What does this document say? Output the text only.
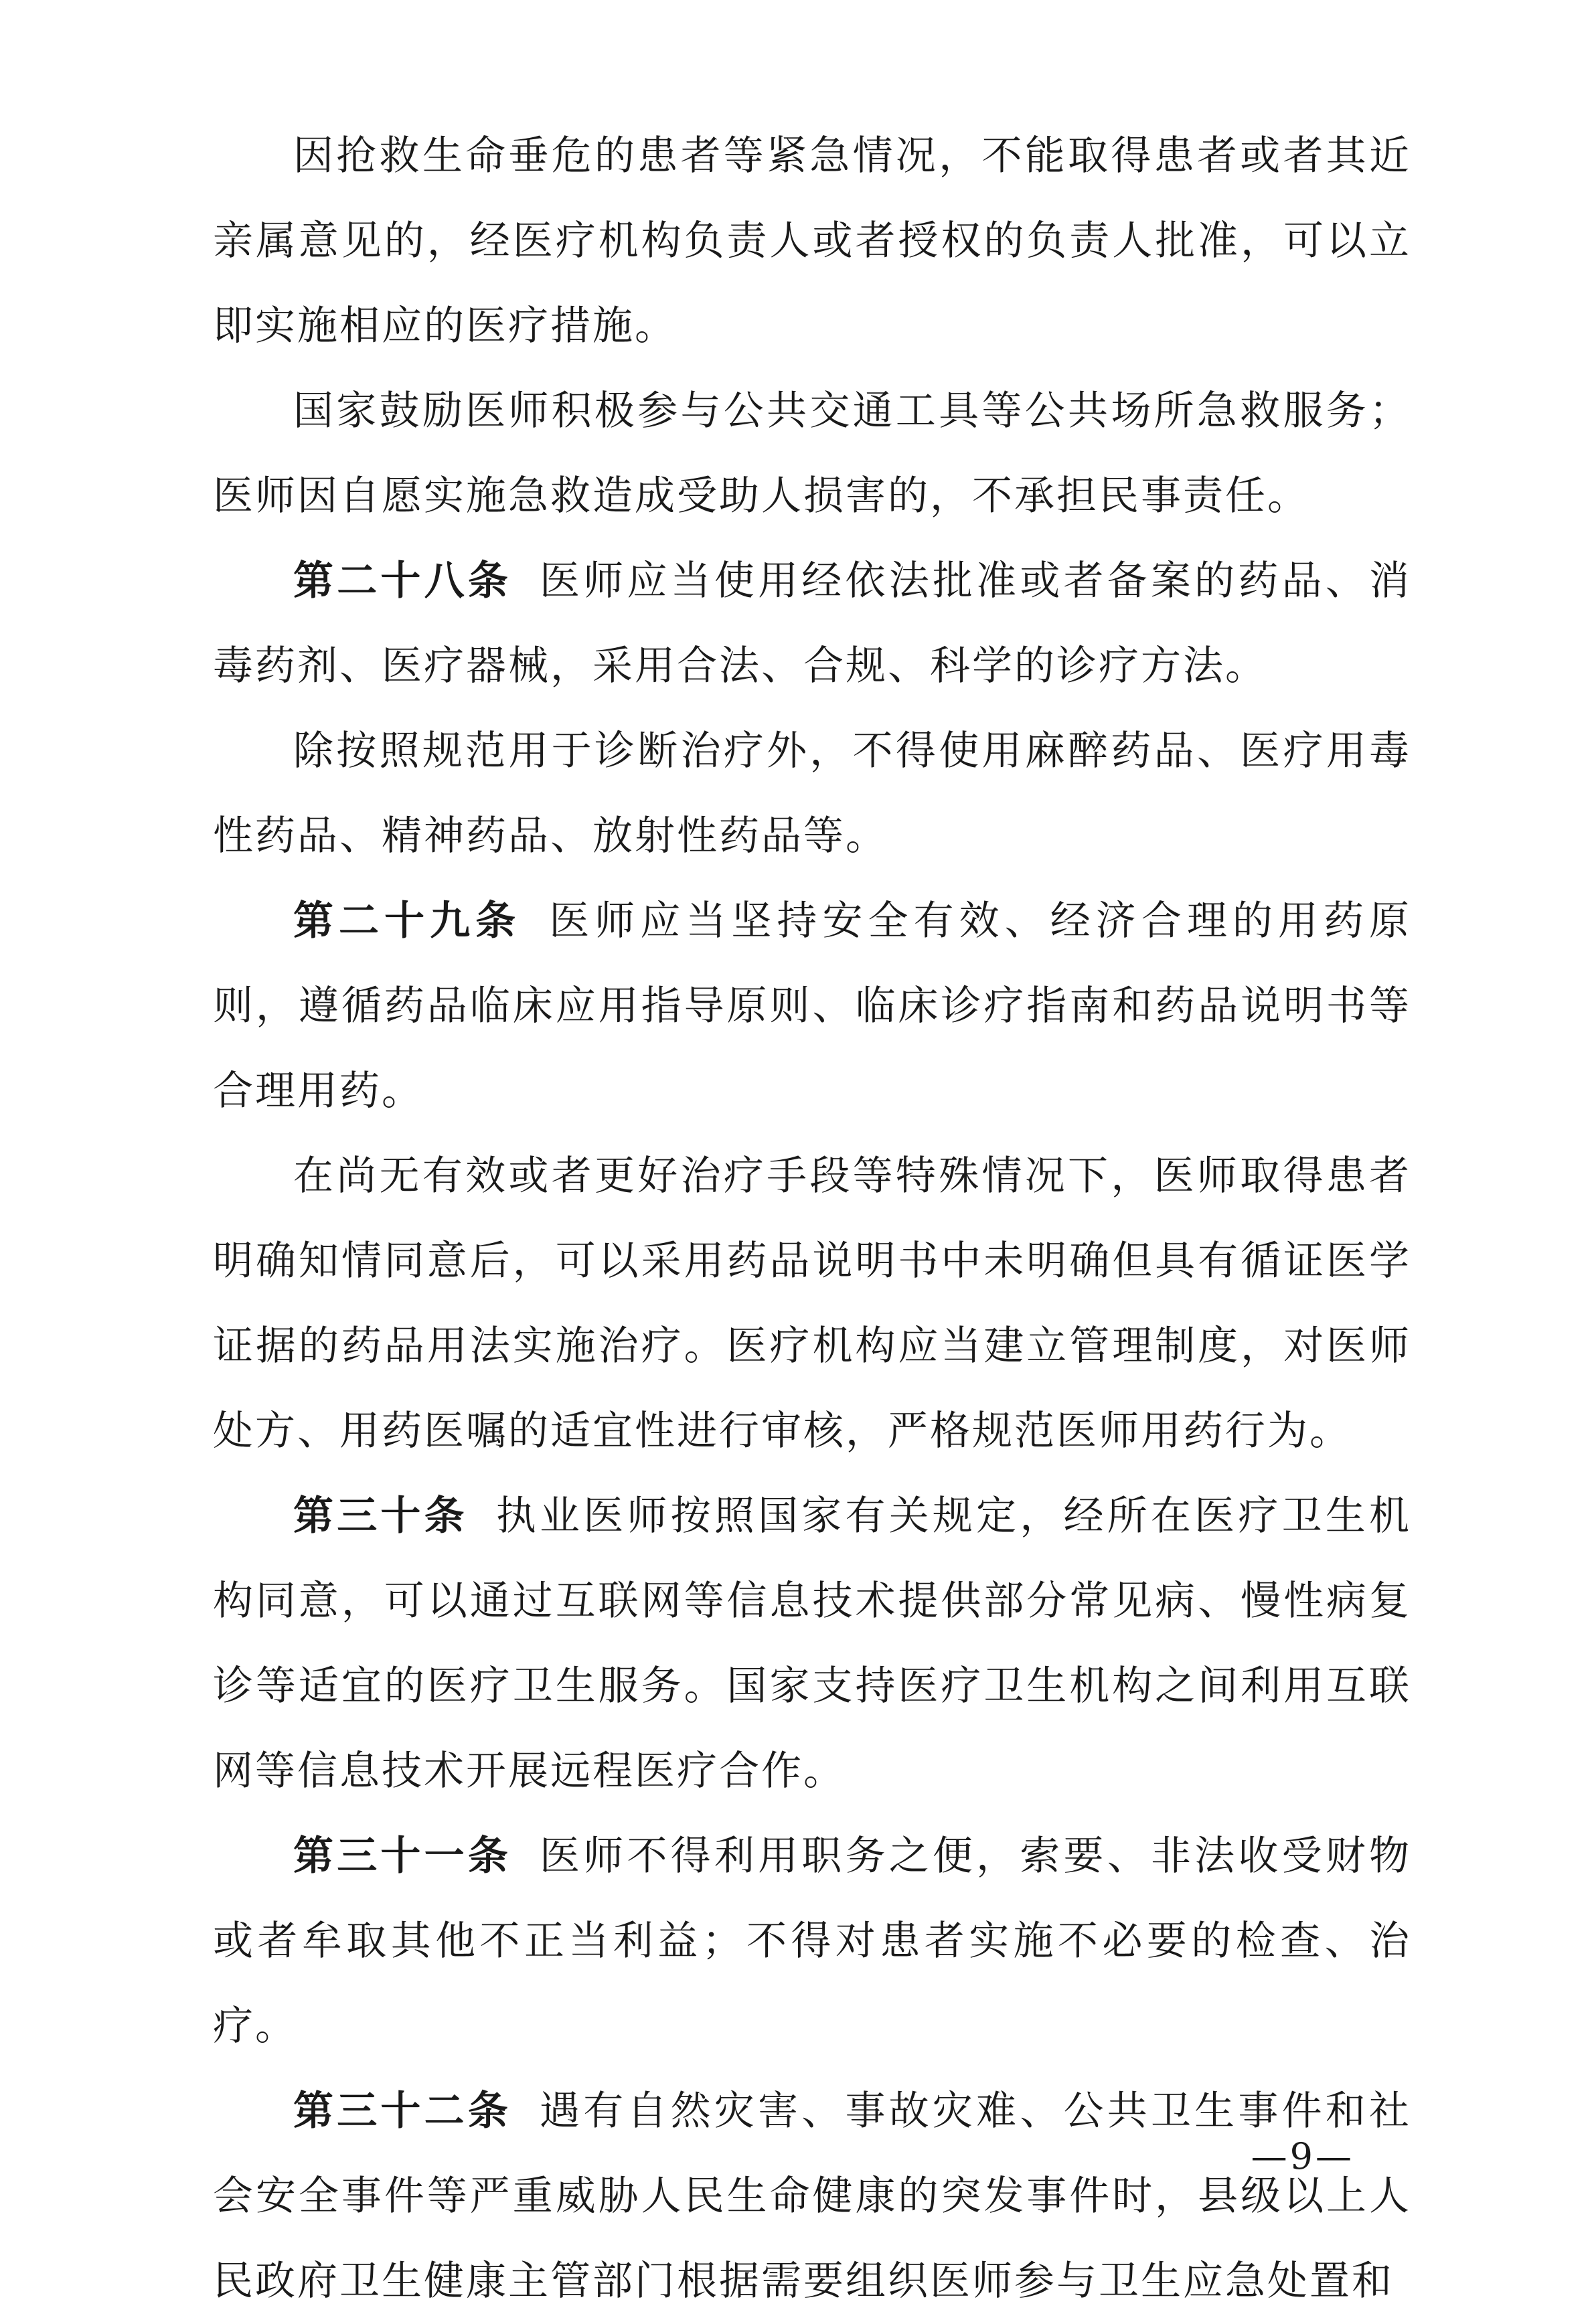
因抢救生命垂危的患者等紧急情况，不能取得患者或者其近亲属意见的，经医疗机构负责人或者授权的负责人批准，可以立即实施相应的医疗措施。

国家鼓励医师积极参与公共交通工具等公共场所急救服务；医师因自愿实施急救造成受助人损害的，不承担民事责任。

第二十八条 医师应当使用经依法批准或者备案的药品、消毒药剂、医疗器械，采用合法、合规、科学的诊疗方法。

除按照规范用于诊断治疗外，不得使用麻醉药品、医疗用毒性药品、精神药品、放射性药品等。

第二十九条 医师应当坚持安全有效、经济合理的用药原则，遵循药品临床应用指导原则、临床诊疗指南和药品说明书等合理用药。

在尚无有效或者更好治疗手段等特殊情况下，医师取得患者明确知情同意后，可以采用药品说明书中未明确但具有循证医学证据的药品用法实施治疗。医疗机构应当建立管理制度，对医师处方、用药医嘱的适宜性进行审核，严格规范医师用药行为。

第三十条 执业医师按照国家有关规定，经所在医疗卫生机构同意，可以通过互联网等信息技术提供部分常见病、慢性病复诊等适宜的医疗卫生服务。国家支持医疗卫生机构之间利用互联网等信息技术开展远程医疗合作。

第三十一条 医师不得利用职务之便，索要、非法收受财物或者牟取其他不正当利益；不得对患者实施不必要的检查、治疗。

第三十二条 遇有自然灾害、事故灾难、公共卫生事件和社会安全事件等严重威胁人民生命健康的突发事件时，县级以上人民政府卫生健康主管部门根据需要组织医师参与卫生应急处置和

—9—
